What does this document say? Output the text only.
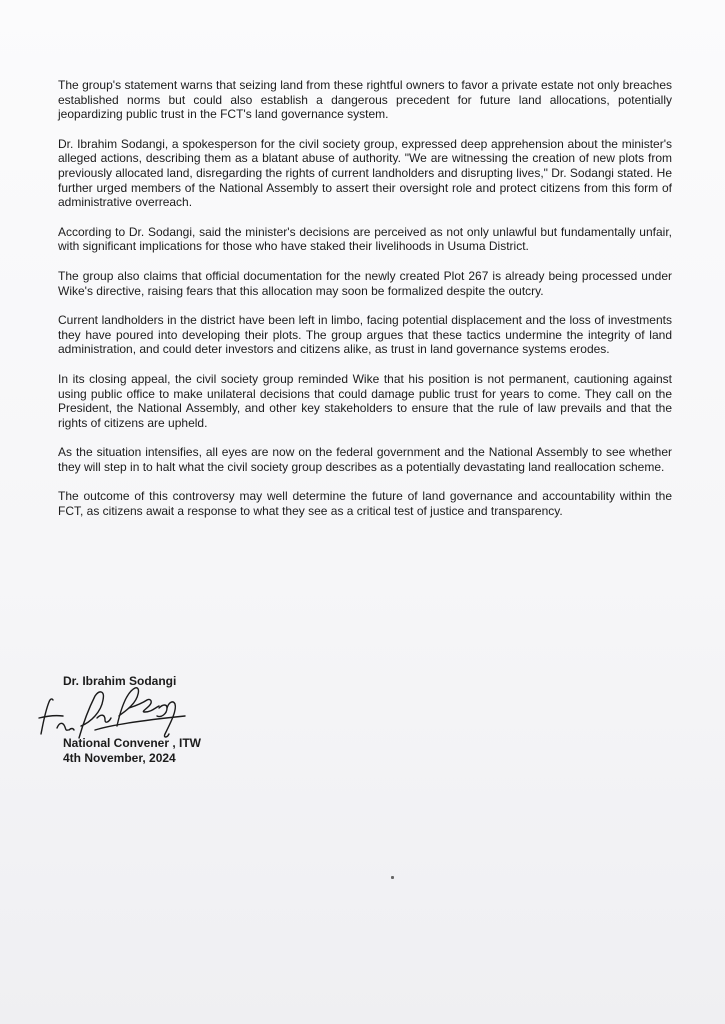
The group's statement warns that seizing land from these rightful owners to favor a private estate not only breaches established norms but could also establish a dangerous precedent for future land allocations, potentially jeopardizing public trust in the FCT's land governance system.

Dr. Ibrahim Sodangi, a spokesperson for the civil society group, expressed deep apprehension about the minister's alleged actions, describing them as a blatant abuse of authority. "We are witnessing the creation of new plots from previously allocated land, disregarding the rights of current landholders and disrupting lives," Dr. Sodangi stated. He further urged members of the National Assembly to assert their oversight role and protect citizens from this form of administrative overreach.

According to Dr. Sodangi, said the minister's decisions are perceived as not only unlawful but fundamentally unfair, with significant implications for those who have staked their livelihoods in Usuma District.

The group also claims that official documentation for the newly created Plot 267 is already being processed under Wike's directive, raising fears that this allocation may soon be formalized despite the outcry.

Current landholders in the district have been left in limbo, facing potential displacement and the loss of investments they have poured into developing their plots. The group argues that these tactics undermine the integrity of land administration, and could deter investors and citizens alike, as trust in land governance systems erodes.

In its closing appeal, the civil society group reminded Wike that his position is not permanent, cautioning against using public office to make unilateral decisions that could damage public trust for years to come. They call on the President, the National Assembly, and other key stakeholders to ensure that the rule of law prevails and that the rights of citizens are upheld.

As the situation intensifies, all eyes are now on the federal government and the National Assembly to see whether they will step in to halt what the civil society group describes as a potentially devastating land reallocation scheme.

The outcome of this controversy may well determine the future of land governance and accountability within the FCT, as citizens await a response to what they see as a critical test of justice and transparency.

Dr. Ibrahim Sodangi
National Convener , ITW
4th November, 2024
